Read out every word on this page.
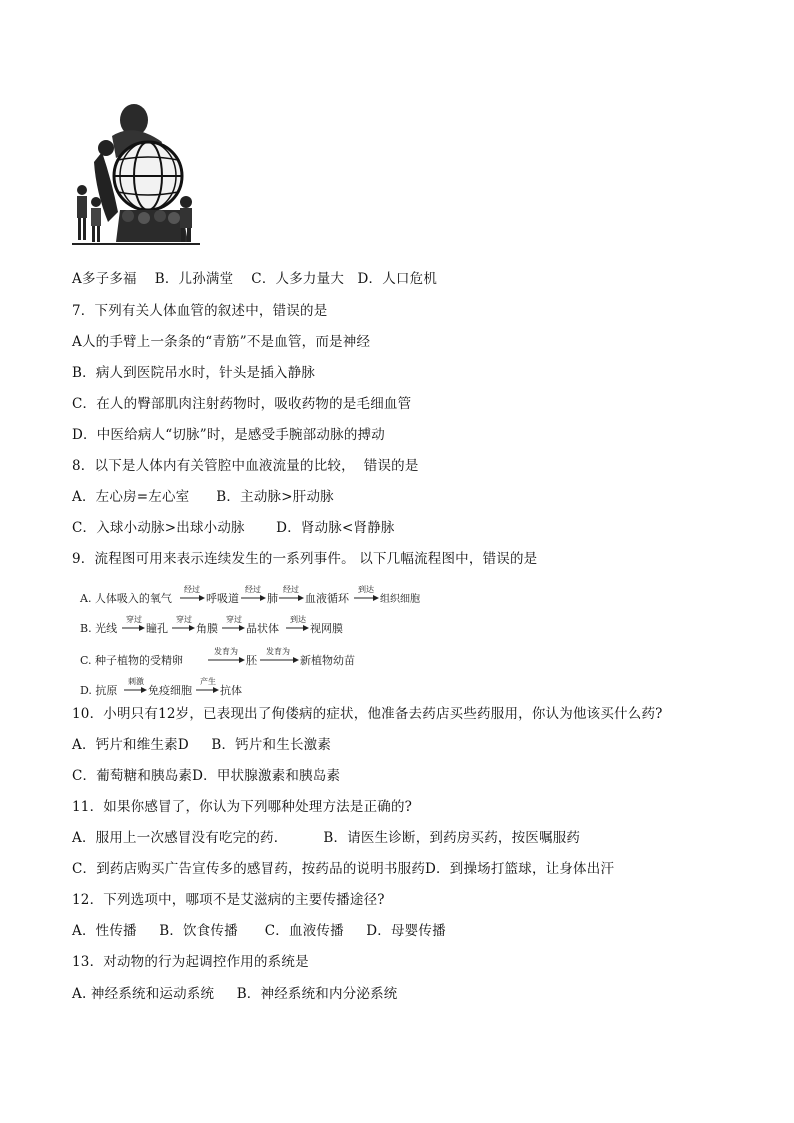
A多子多福    B．儿孙满堂    C．人多力量大   D．人口危机
7．下列有关人体血管的叙述中，错误的是
A人的手臂上一条条的“青筋”不是血管，而是神经
B．病人到医院吊水时，针头是插入静脉
C．在人的臀部肌肉注射药物时，吸收药物的是毛细血管
D．中医给病人“切脉”时，是感受手腕部动脉的搏动
8．以下是人体内有关管腔中血液流量的比较，  错误的是
A．左心房=左心室      B．主动脉>肝动脉
C．入球小动脉>出球小动脉       D．肾动脉<肾静脉
9．流程图可用来表示连续发生的一系列事件。 以下几幅流程图中，错误的是
A. 人体吸入的氧气
经过
呼吸道
经过
肺
经过
血液循环
到达
组织细胞
B. 光线
穿过
瞳孔
穿过
角膜
穿过
晶状体
到达
视网膜
C. 种子植物的受精卵
发育为
胚
发育为
新植物幼苗
D. 抗原
刺激
免疫细胞
产生
抗体
10．小明只有12岁，已表现出了侚偻病的症状，他准备去药店买些药服用，你认为他该买什么药?
A．钙片和维生素D     B．钙片和生长激素
C．葡萄糖和胰岛素D．甲状腺激素和胰岛素
11．如果你感冒了，你认为下列哪种处理方法是正确的?
A．服用上一次感冒没有吃完的药．        B．请医生诊断，到药房买药，按医嘱服药
C．到药店购买广告宣传多的感冒药，按药品的说明书服药D．到操场打篮球，让身体出汗
12．下列选项中，哪项不是艾滋病的主要传播途径?
A．性传播     B．饮食传播      C．血液传播     D．母婴传播
13．对动物的行为起调控作用的系统是
A. 神经系统和运动系统     B．神经系统和内分泌系统
